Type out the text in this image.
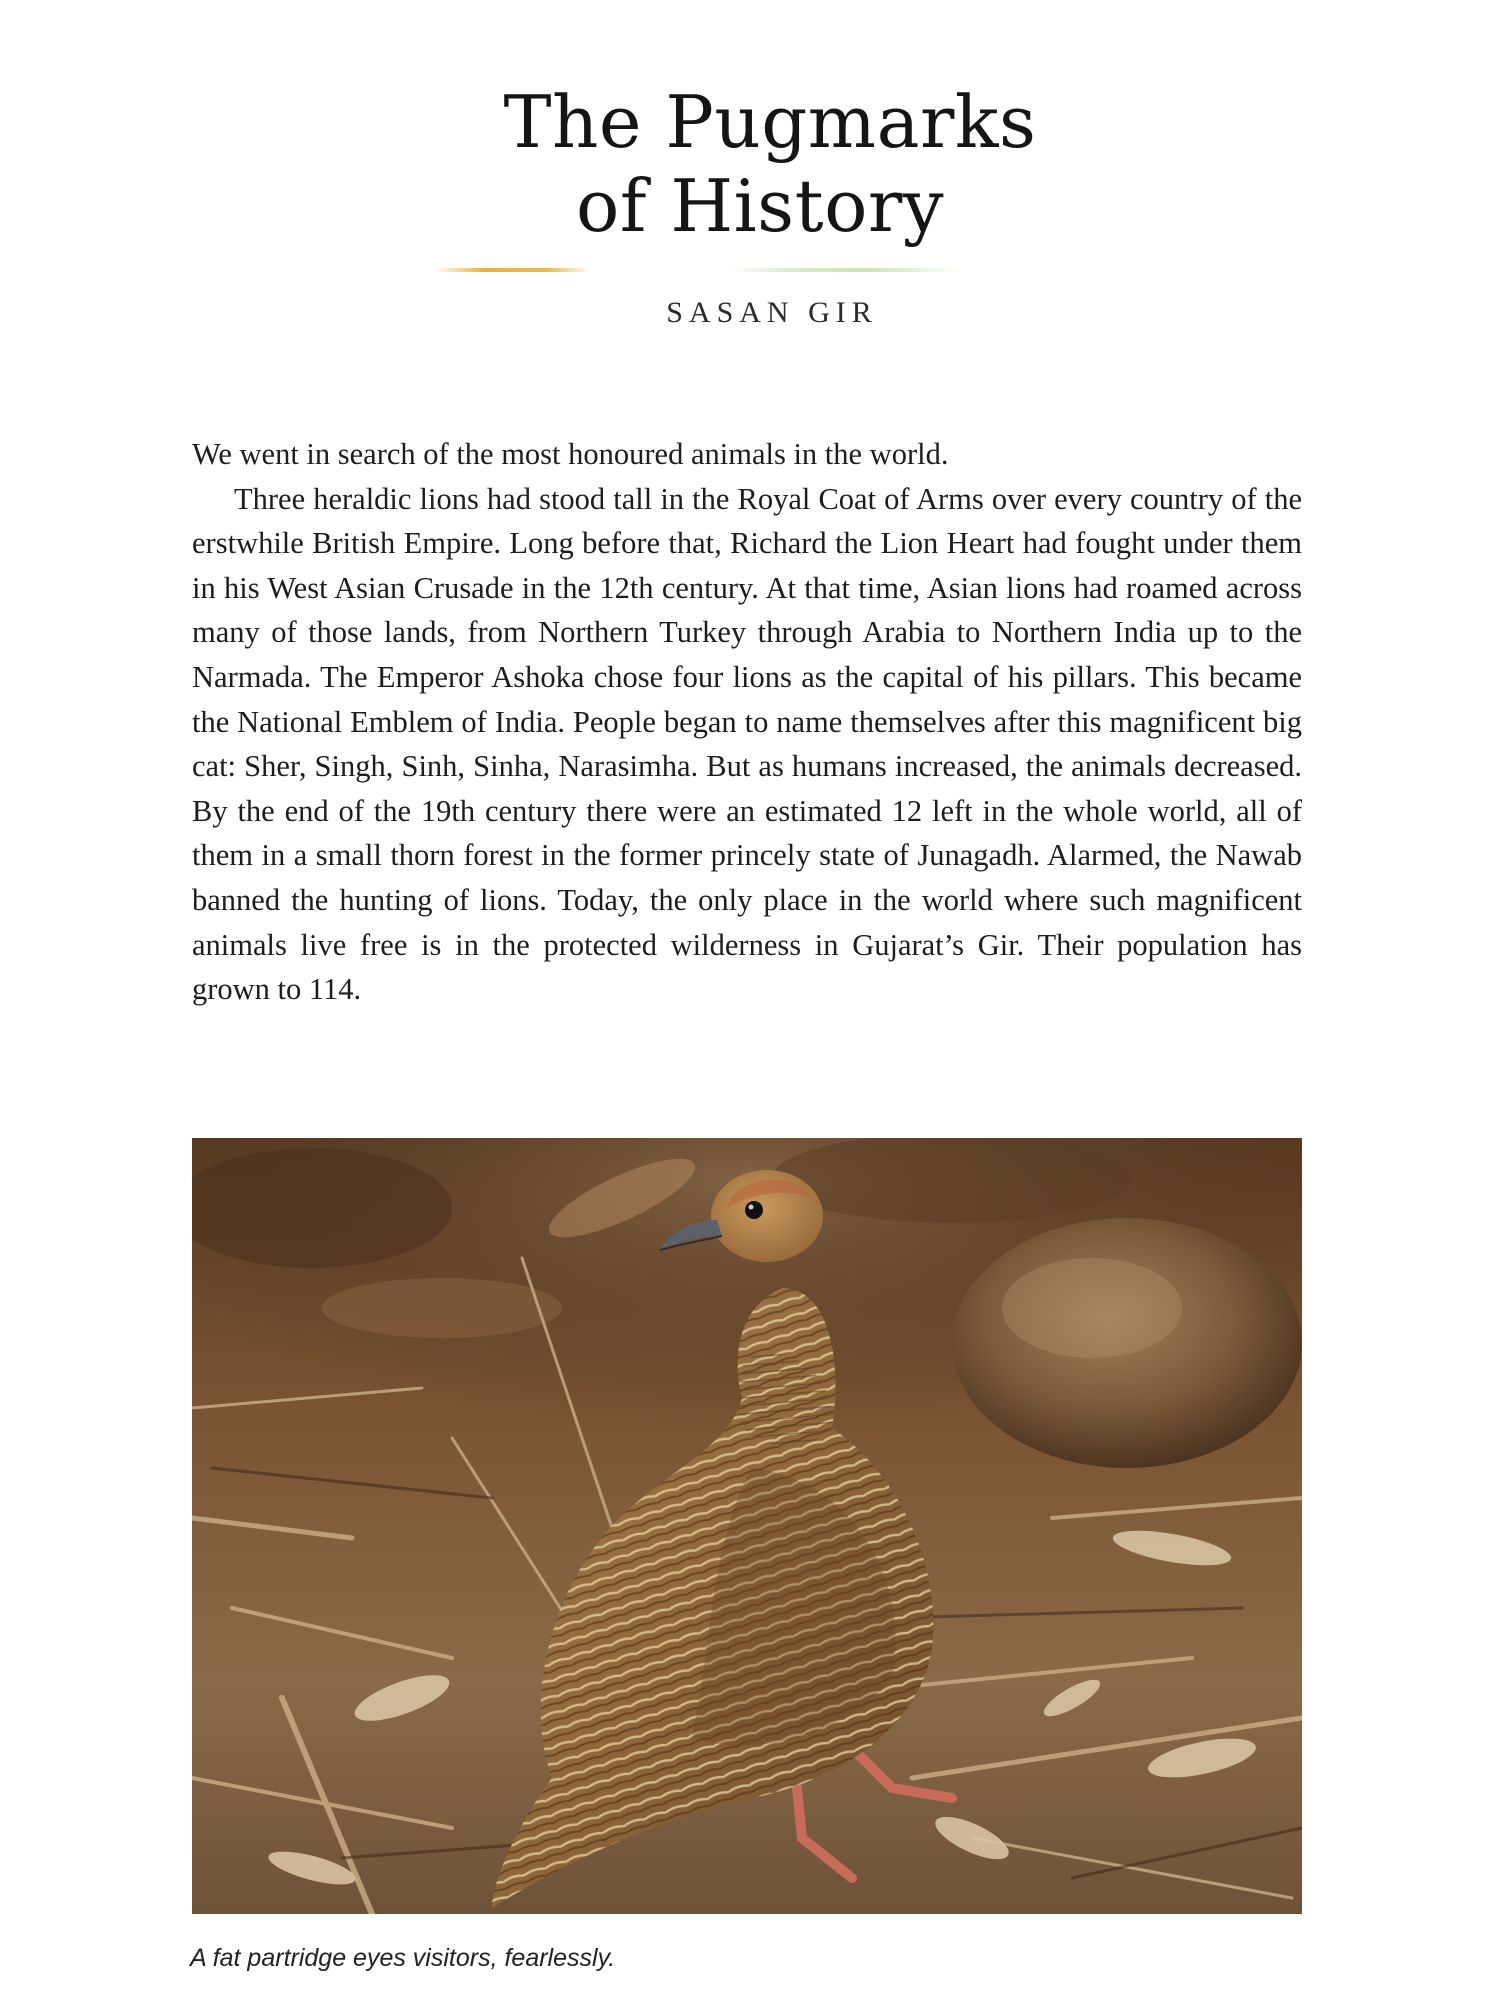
The Pugmarks
of History
SASAN GIR

We went in search of the most honoured animals in the world.

Three heraldic lions had stood tall in the Royal Coat of Arms over every country of the erstwhile British Empire. Long before that, Richard the Lion Heart had fought under them in his West Asian Crusade in the 12th century. At that time, Asian lions had roamed across many of those lands, from Northern Turkey through Arabia to Northern India up to the Narmada. The Emperor Ashoka chose four lions as the capital of his pillars. This became the National Emblem of India. People began to name themselves after this magnificent big cat: Sher, Singh, Sinh, Sinha, Narasimha. But as humans increased, the animals decreased. By the end of the 19th century there were an estimated 12 left in the whole world, all of them in a small thorn forest in the former princely state of Junagadh. Alarmed, the Nawab banned the hunting of lions. Today, the only place in the world where such magnificent animals live free is in the protected wilderness in Gujarat’s Gir. Their population has grown to 114.

A fat partridge eyes visitors, fearlessly.
